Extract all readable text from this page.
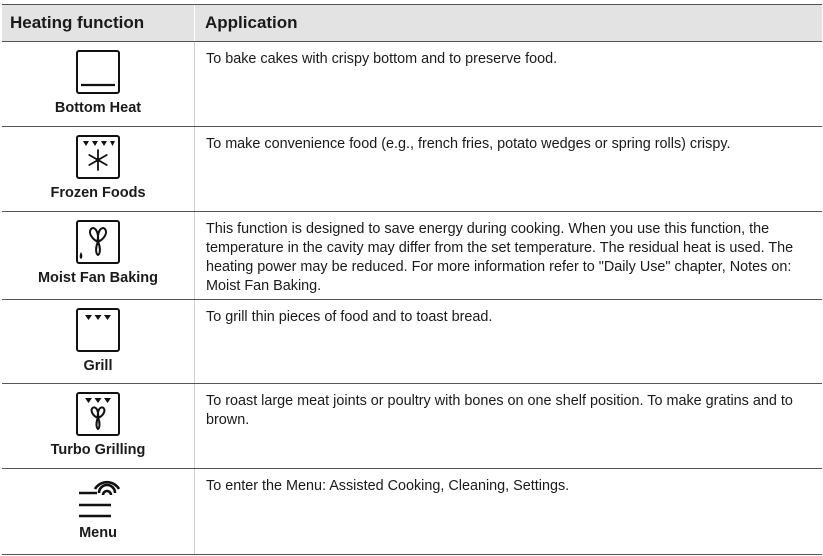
Heating function	Application
Bottom Heat
To bake cakes with crispy bottom and to preserve food.
Frozen Foods
To make convenience food (e.g., french fries, potato wedges or spring rolls) crispy.
Moist Fan Baking
This function is designed to save energy during cooking. When you use this function, the temperature in the cavity may differ from the set temperature. The residual heat is used. The heating power may be reduced. For more information refer to "Daily Use" chapter, Notes on: Moist Fan Baking.
Grill
To grill thin pieces of food and to toast bread.
Turbo Grilling
To roast large meat joints or poultry with bones on one shelf position. To make gratins and to brown.
Menu
To enter the Menu: Assisted Cooking, Cleaning, Settings.
